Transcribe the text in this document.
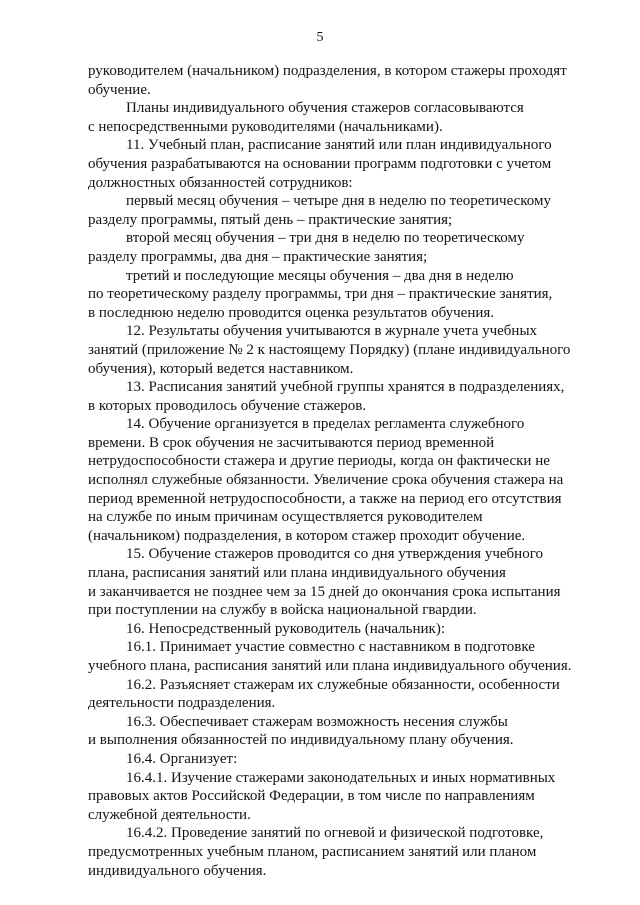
5

руководителем (начальником) подразделения, в котором стажеры проходят
обучение.

Планы индивидуального обучения стажеров согласовываются
с непосредственными руководителями (начальниками).

11. Учебный план, расписание занятий или план индивидуального
обучения разрабатываются на основании программ подготовки с учетом
должностных обязанностей сотрудников:

первый месяц обучения – четыре дня в неделю по теоретическому
разделу программы, пятый день – практические занятия;

второй месяц обучения – три дня в неделю по теоретическому
разделу программы, два дня – практические занятия;

третий и последующие месяцы обучения – два дня в неделю
по теоретическому разделу программы, три дня – практические занятия,
в последнюю неделю проводится оценка результатов обучения.

12. Результаты обучения учитываются в журнале учета учебных
занятий (приложение № 2 к настоящему Порядку) (плане индивидуального
обучения), который ведется наставником.

13. Расписания занятий учебной группы хранятся в подразделениях,
в которых проводилось обучение стажеров.

14. Обучение организуется в пределах регламента служебного
времени. В срок обучения не засчитываются период временной
нетрудоспособности стажера и другие периоды, когда он фактически не
исполнял служебные обязанности. Увеличение срока обучения стажера на
период временной нетрудоспособности, а также на период его отсутствия
на службе по иным причинам осуществляется руководителем
(начальником) подразделения, в котором стажер проходит обучение.

15. Обучение стажеров проводится со дня утверждения учебного
плана, расписания занятий или плана индивидуального обучения
и заканчивается не позднее чем за 15 дней до окончания срока испытания
при поступлении на службу в войска национальной гвардии.

16. Непосредственный руководитель (начальник):

16.1. Принимает участие совместно с наставником в подготовке
учебного плана, расписания занятий или плана индивидуального обучения.

16.2. Разъясняет стажерам их служебные обязанности, особенности
деятельности подразделения.

16.3. Обеспечивает стажерам возможность несения службы
и выполнения обязанностей по индивидуальному плану обучения.

16.4. Организует:

16.4.1. Изучение стажерами законодательных и иных нормативных
правовых актов Российской Федерации, в том числе по направлениям
служебной деятельности.

16.4.2. Проведение занятий по огневой и физической подготовке,
предусмотренных учебным планом, расписанием занятий или планом
индивидуального обучения.
